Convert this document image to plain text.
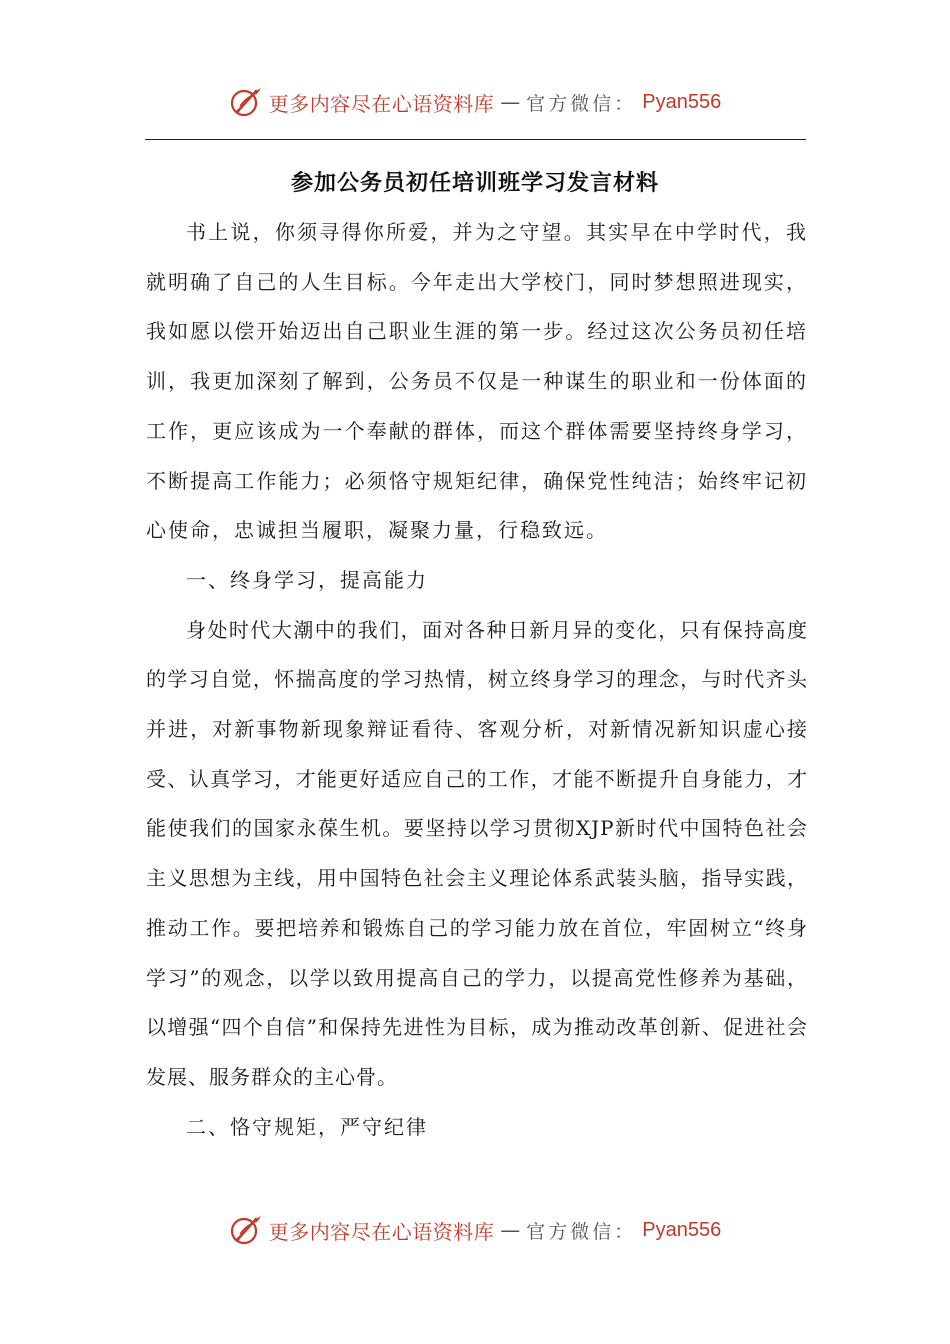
更多内容尽在心语资料库 — 官方微信： Pyan556
参加公务员初任培训班学习发言材料

书上说，你须寻得你所爱，并为之守望。其实早在中学时代，我就明确了自己的人生目标。今年走出大学校门，同时梦想照进现实，我如愿以偿开始迈出自己职业生涯的第一步。经过这次公务员初任培训，我更加深刻了解到，公务员不仅是一种谋生的职业和一份体面的工作，更应该成为一个奉献的群体，而这个群体需要坚持终身学习，不断提高工作能力；必须恪守规矩纪律，确保党性纯洁；始终牢记初心使命，忠诚担当履职，凝聚力量，行稳致远。

一、终身学习，提高能力

身处时代大潮中的我们，面对各种日新月异的变化，只有保持高度的学习自觉，怀揣高度的学习热情，树立终身学习的理念，与时代齐头并进，对新事物新现象辩证看待、客观分析，对新情况新知识虚心接受、认真学习，才能更好适应自己的工作，才能不断提升自身能力，才能使我们的国家永葆生机。要坚持以学习贯彻XJP新时代中国特色社会主义思想为主线，用中国特色社会主义理论体系武装头脑，指导实践，推动工作。要把培养和锻炼自己的学习能力放在首位，牢固树立“终身学习”的观念，以学以致用提高自己的学力，以提高党性修养为基础，以增强“四个自信”和保持先进性为目标，成为推动改革创新、促进社会发展、服务群众的主心骨。

二、恪守规矩，严守纪律
更多内容尽在心语资料库 — 官方微信： Pyan556
